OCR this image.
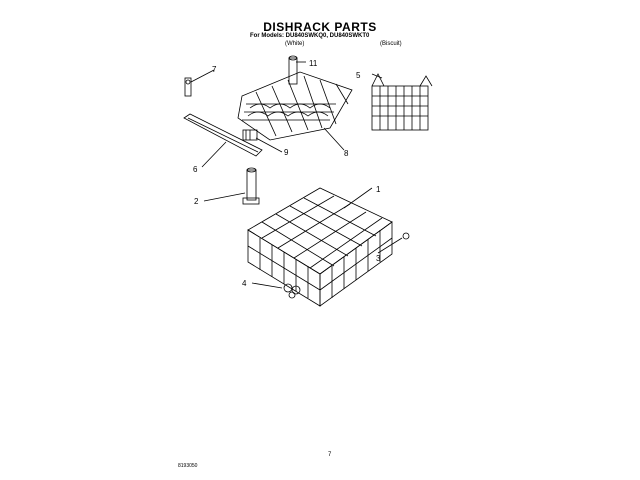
DISHRACK PARTS
For Models: DU840SWKQ0, DU840SWKT0
(White)	(Biscuit)
1
2
3
4
5
6
7
8
9
11
7
8193050
